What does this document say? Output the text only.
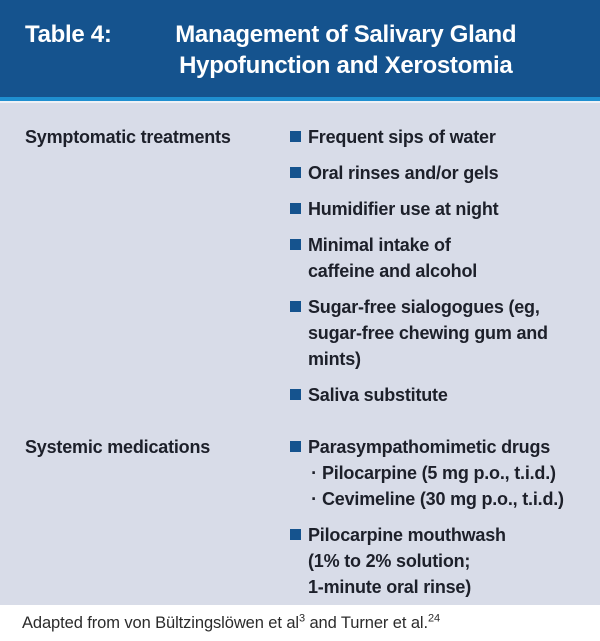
Table 4:	Management of Salivary Gland
Hypofunction and Xerostomia
Symptomatic treatments	Frequent sips of water
Oral rinses and/or gels
Humidifier use at night
Minimal intake of
caffeine and alcohol
Sugar-free sialogogues (eg,
sugar-free chewing gum and
mints)
Saliva substitute
Systemic medications	Parasympathomimetic drugs
· Pilocarpine (5 mg p.o., t.i.d.)
· Cevimeline (30 mg p.o., t.i.d.)
Pilocarpine mouthwash
(1% to 2% solution;
1-minute oral rinse)
Adapted from von Bültzingslöwen et $al^3$ and Turner et al.$^{24}$
